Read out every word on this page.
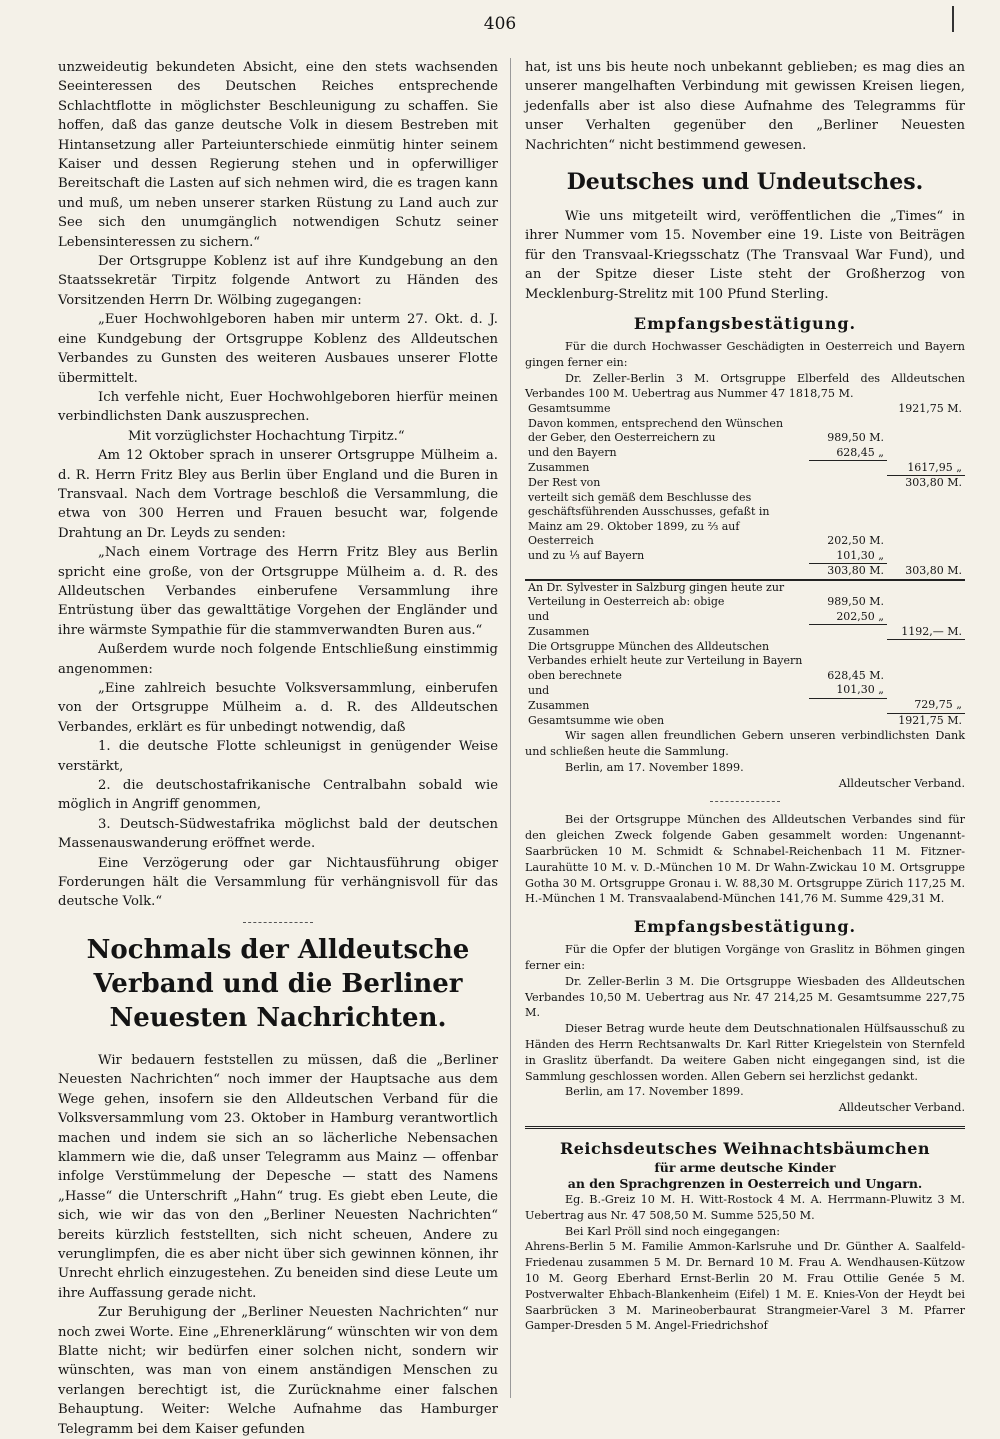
406

unzweideutig bekundeten Absicht, eine den stets wachsenden Seeinteressen des Deutschen Reiches entsprechende Schlachtflotte in möglichster Beschleunigung zu schaffen. Sie hoffen, daß das ganze deutsche Volk in diesem Bestreben mit Hintansetzung aller Parteiunterschiede einmütig hinter seinem Kaiser und dessen Regierung stehen und in opferwilliger Bereitschaft die Lasten auf sich nehmen wird, die es tragen kann und muß, um neben unserer starken Rüstung zu Land auch zur See sich den unumgänglich notwendigen Schutz seiner Lebensinteressen zu sichern.“

Der Ortsgruppe Koblenz ist auf ihre Kundgebung an den Staatssekretär Tirpitz folgende Antwort zu Händen des Vorsitzenden Herrn Dr. Wölbing zugegangen:

„Euer Hochwohlgeboren haben mir unterm 27. Okt. d. J. eine Kundgebung der Ortsgruppe Koblenz des Alldeutschen Verbandes zu Gunsten des weiteren Ausbaues unserer Flotte übermittelt.

Ich verfehle nicht, Euer Hochwohlgeboren hierfür meinen verbindlichsten Dank auszusprechen.

Mit vorzüglichster Hochachtung Tirpitz.“

Am 12 Oktober sprach in unserer Ortsgruppe Mülheim a. d. R. Herrn Fritz Bley aus Berlin über England und die Buren in Transvaal. Nach dem Vortrage beschloß die Versammlung, die etwa von 300 Herren und Frauen besucht war, folgende Drahtung an Dr. Leyds zu senden:

„Nach einem Vortrage des Herrn Fritz Bley aus Berlin spricht eine große, von der Ortsgruppe Mülheim a. d. R. des Alldeutschen Verbandes einberufene Versammlung ihre Entrüstung über das gewalttätige Vorgehen der Engländer und ihre wärmste Sympathie für die stammverwandten Buren aus.“

Außerdem wurde noch folgende Entschließung einstimmig angenommen:

„Eine zahlreich besuchte Volksversammlung, einberufen von der Ortsgruppe Mülheim a. d. R. des Alldeutschen Verbandes, erklärt es für unbedingt notwendig, daß

1. die deutsche Flotte schleunigst in genügender Weise verstärkt,

2. die deutschostafrikanische Centralbahn sobald wie möglich in Angriff genommen,

3. Deutsch-Südwestafrika möglichst bald der deutschen Massenauswanderung eröffnet werde.

Eine Verzögerung oder gar Nichtausführung obiger Forderungen hält die Versammlung für verhängnisvoll für das deutsche Volk.“

Nochmals der Alldeutsche Verband und die Berliner Neuesten Nachrichten.

Wir bedauern feststellen zu müssen, daß die „Berliner Neuesten Nachrichten“ noch immer der Hauptsache aus dem Wege gehen, insofern sie den Alldeutschen Verband für die Volksversammlung vom 23. Oktober in Hamburg verantwortlich machen und indem sie sich an so lächerliche Nebensachen klammern wie die, daß unser Telegramm aus Mainz — offenbar infolge Verstümmelung der Depesche — statt des Namens „Hasse“ die Unterschrift „Hahn“ trug. Es giebt eben Leute, die sich, wie wir das von den „Berliner Neuesten Nachrichten“ bereits kürzlich feststellten, sich nicht scheuen, Andere zu verunglimpfen, die es aber nicht über sich gewinnen können, ihr Unrecht ehrlich einzugestehen. Zu beneiden sind diese Leute um ihre Auffassung gerade nicht.

Zur Beruhigung der „Berliner Neuesten Nachrichten“ nur noch zwei Worte. Eine „Ehrenerklärung“ wünschten wir von dem Blatte nicht; wir bedürfen einer solchen nicht, sondern wir wünschten, was man von einem anständigen Menschen zu verlangen berechtigt ist, die Zurücknahme einer falschen Behauptung. Weiter: Welche Aufnahme das Hamburger Telegramm bei dem Kaiser gefunden

hat, ist uns bis heute noch unbekannt geblieben; es mag dies an unserer mangelhaften Verbindung mit gewissen Kreisen liegen, jedenfalls aber ist also diese Aufnahme des Telegramms für unser Verhalten gegenüber den „Berliner Neuesten Nachrichten“ nicht bestimmend gewesen.

Deutsches und Undeutsches.

Wie uns mitgeteilt wird, veröffentlichen die „Times“ in ihrer Nummer vom 15. November eine 19. Liste von Beiträgen für den Transvaal-Kriegsschatz (The Transvaal War Fund), und an der Spitze dieser Liste steht der Großherzog von Mecklenburg-Strelitz mit 100 Pfund Sterling.

Empfangsbestätigung.

Für die durch Hochwasser Geschädigten in Oesterreich und Bayern gingen ferner ein:

Dr. Zeller-Berlin 3 M. Ortsgruppe Elberfeld des Alldeutschen Verbandes 100 M. Uebertrag aus Nummer 47 1818,75 M.

Gesamtsumme		1921,75 M.
Davon kommen, entsprechend den Wünschen		
der Geber, den Oesterreichern zu	989,50 M.	
und den Bayern	628,45 „	
Zusammen		1617,95 „
Der Rest von		303,80 M.
verteilt sich gemäß dem Beschlusse des geschäftsführenden Ausschusses, gefaßt in Mainz am 29. Oktober 1899, zu ⅔ auf Oesterreich	202,50 M.	
und zu ⅓ auf Bayern	101,30 „	
	303,80 M.	303,80 M.
An Dr. Sylvester in Salzburg gingen heute zur Verteilung in Oesterreich ab: obige	989,50 M.	
und	202,50 „	
Zusammen		1192,— M.
Die Ortsgruppe München des Alldeutschen Verbandes erhielt heute zur Verteilung in Bayern oben berechnete	628,45 M.	
und	101,30 „	
Zusammen		729,75 „
Gesamtsumme wie oben		1921,75 M.

Wir sagen allen freundlichen Gebern unseren verbindlichsten Dank und schließen heute die Sammlung.

Berlin, am 17. November 1899.

Alldeutscher Verband.

Bei der Ortsgruppe München des Alldeutschen Verbandes sind für den gleichen Zweck folgende Gaben gesammelt worden: Ungenannt-Saarbrücken 10 M. Schmidt & Schnabel-Reichenbach 11 M. Fitzner-Laurahütte 10 M. v. D.-München 10 M. Dr Wahn-Zwickau 10 M. Ortsgruppe Gotha 30 M. Ortsgruppe Gronau i. W. 88,30 M. Ortsgruppe Zürich 117,25 M. H.-München 1 M. Transvaalabend-München 141,76 M. Summe 429,31 M.

Empfangsbestätigung.

Für die Opfer der blutigen Vorgänge von Graslitz in Böhmen gingen ferner ein:

Dr. Zeller-Berlin 3 M. Die Ortsgruppe Wiesbaden des Alldeutschen Verbandes 10,50 M. Uebertrag aus Nr. 47 214,25 M. Gesamtsumme 227,75 M.

Dieser Betrag wurde heute dem Deutschnationalen Hülfsausschuß zu Händen des Herrn Rechtsanwalts Dr. Karl Ritter Kriegelstein von Sternfeld in Graslitz überfandt. Da weitere Gaben nicht eingegangen sind, ist die Sammlung geschlossen worden. Allen Gebern sei herzlichst gedankt.

Berlin, am 17. November 1899.

Alldeutscher Verband.

Reichsdeutsches Weihnachtsbäumchen
für arme deutsche Kinder
an den Sprachgrenzen in Oesterreich und Ungarn.

Eg. B.-Greiz 10 M. H. Witt-Rostock 4 M. A. Herrmann-Pluwitz 3 M. Uebertrag aus Nr. 47 508,50 M. Summe 525,50 M.

Bei Karl Pröll sind noch eingegangen:

Ahrens-Berlin 5 M. Familie Ammon-Karlsruhe und Dr. Günther A. Saalfeld-Friedenau zusammen 5 M. Dr. Bernard 10 M. Frau A. Wendhausen-Kützow 10 M. Georg Eberhard Ernst-Berlin 20 M. Frau Ottilie Genée 5 M. Postverwalter Ehbach-Blankenheim (Eifel) 1 M. E. Knies-Von der Heydt bei Saarbrücken 3 M. Marineoberbaurat Strangmeier-Varel 3 M. Pfarrer Gamper-Dresden 5 M. Angel-Friedrichshof
